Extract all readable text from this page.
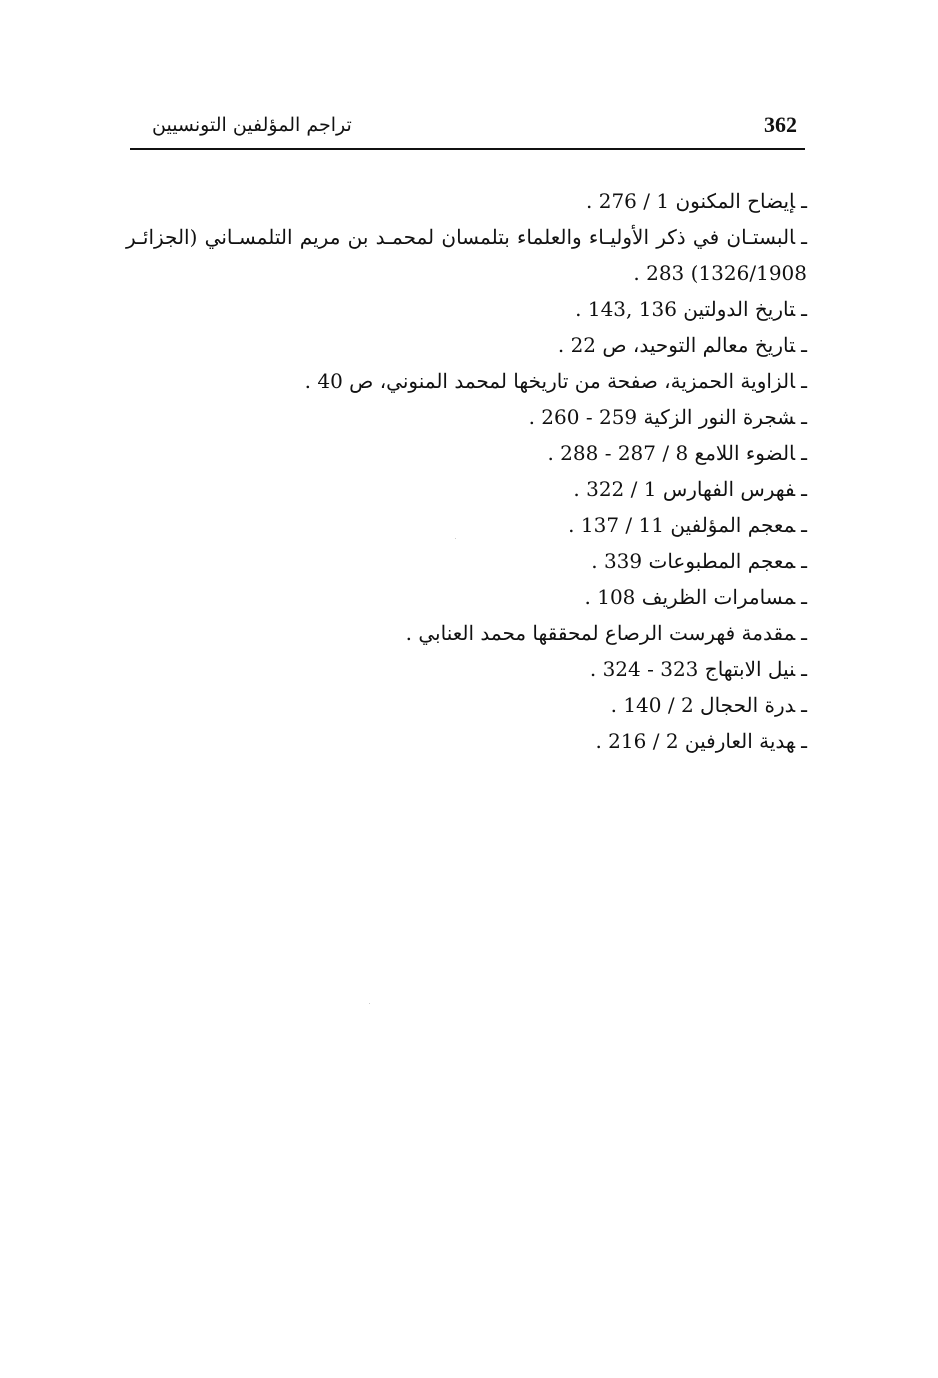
362
تراجم المؤلفين التونسيين
ـإيضاح المكنون 1 / 276 .
ـالبستـان في ذكر الأوليـاء والعلماء بتلمسان لمحمـد بن مريم التلمسـاني (الجزائـر 1326/1908) 283 .
ـتاريخ الدولتين 136 ,143 .
ـتاريخ معالم التوحيد، ص 22 .
ـالزاوية الحمزية، صفحة من تاريخها لمحمد المنوني، ص 40 .
ـشجرة النور الزكية 259 - 260 .
ـالضوء اللامع 8 / 287 - 288 .
ـفهرس الفهارس 1 / 322 .
ـمعجم المؤلفين 11 / 137 .
ـمعجم المطبوعات 339 .
ـمسامرات الظريف 108 .
ـمقدمة فهرست الرصاع لمحققها محمد العنابي .
ـنيل الابتهاج 323 - 324 .
ـدرة الحجال 2 / 140 .
ـهدية العارفين 2 / 216 .
